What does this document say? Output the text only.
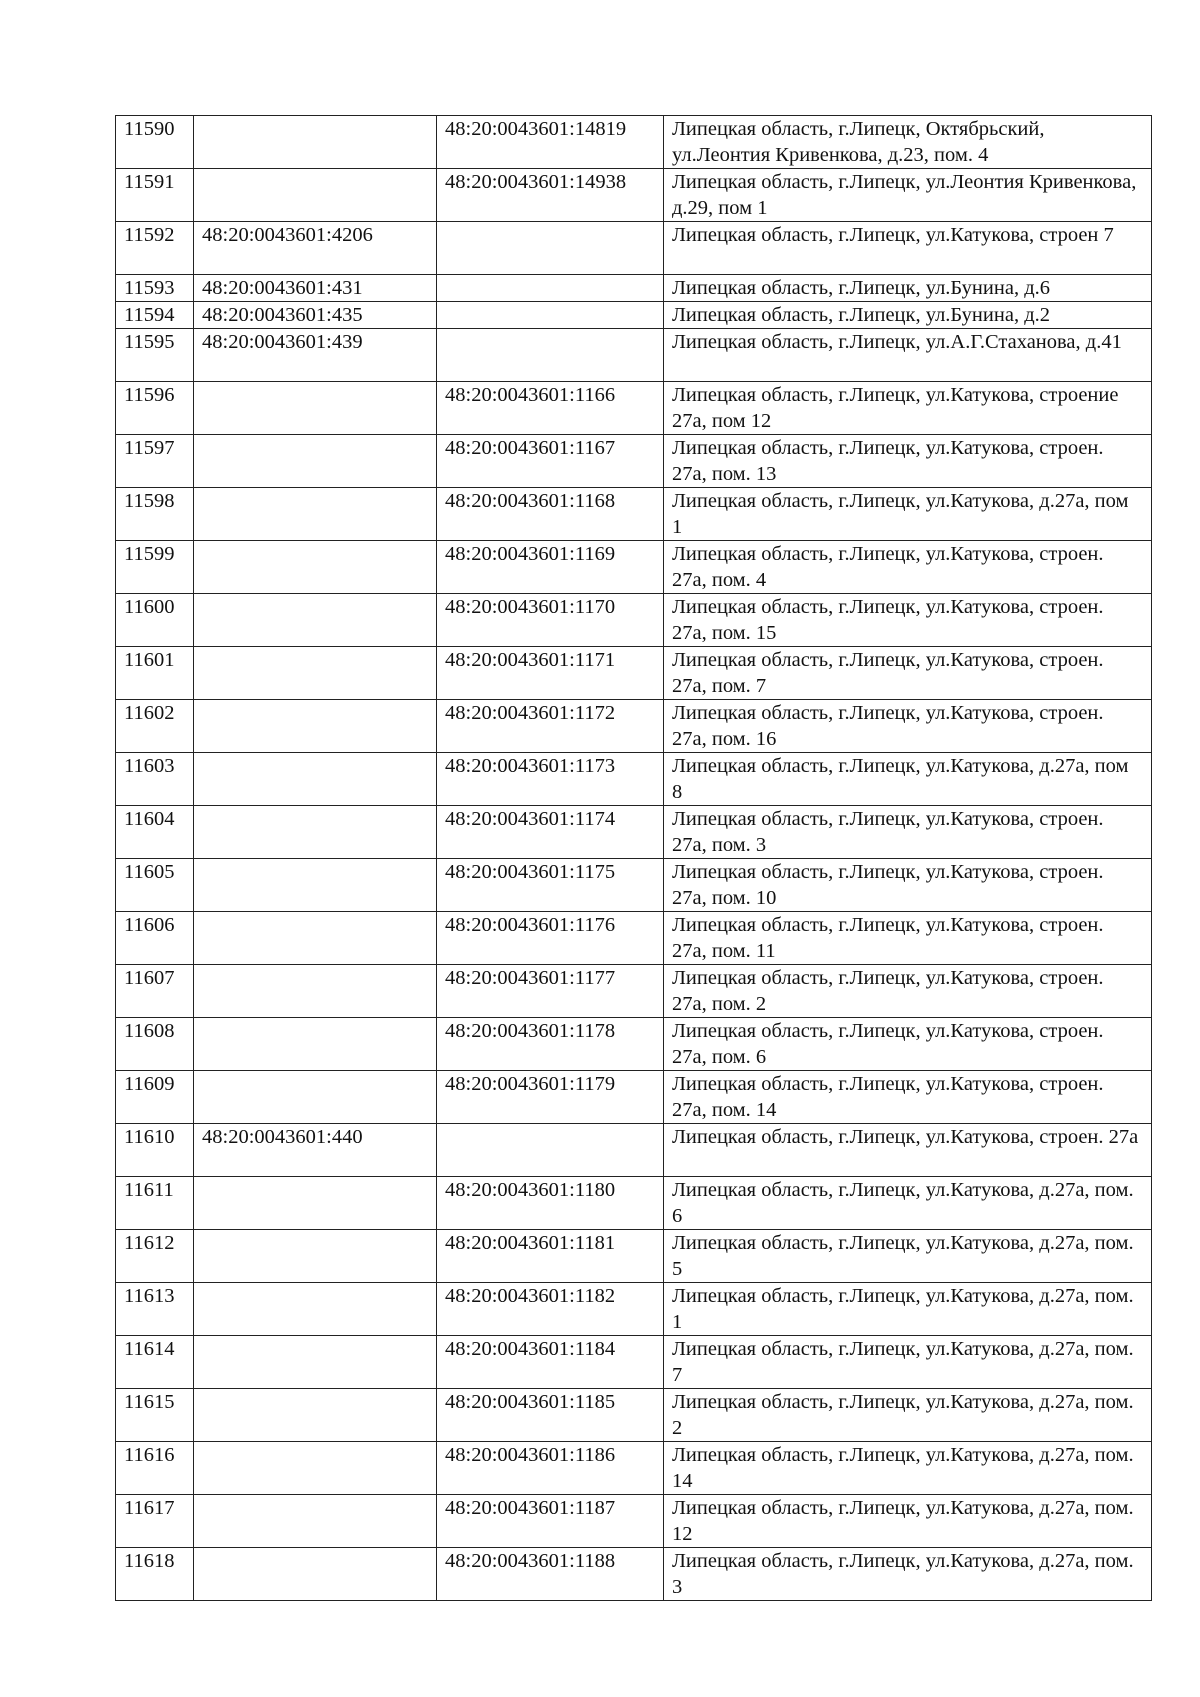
11590		48:20:0043601:14819	Липецкая область, г.Липецк, Октябрьский, ул.Леонтия Кривенкова, д.23, пом. 4
11591		48:20:0043601:14938	Липецкая область, г.Липецк, ул.Леонтия Кривенкова, д.29, пом 1
11592	48:20:0043601:4206		Липецкая область, г.Липецк, ул.Катукова, строен 7
11593	48:20:0043601:431		Липецкая область, г.Липецк, ул.Бунина, д.6
11594	48:20:0043601:435		Липецкая область, г.Липецк, ул.Бунина, д.2
11595	48:20:0043601:439		Липецкая область, г.Липецк, ул.А.Г.Стаханова, д.41
11596		48:20:0043601:1166	Липецкая область, г.Липецк, ул.Катукова, строение 27а, пом 12
11597		48:20:0043601:1167	Липецкая область, г.Липецк, ул.Катукова, строен. 27а, пом. 13
11598		48:20:0043601:1168	Липецкая область, г.Липецк, ул.Катукова, д.27а, пом 1
11599		48:20:0043601:1169	Липецкая область, г.Липецк, ул.Катукова, строен. 27а, пом. 4
11600		48:20:0043601:1170	Липецкая область, г.Липецк, ул.Катукова, строен. 27а, пом. 15
11601		48:20:0043601:1171	Липецкая область, г.Липецк, ул.Катукова, строен. 27а, пом. 7
11602		48:20:0043601:1172	Липецкая область, г.Липецк, ул.Катукова, строен. 27а, пом. 16
11603		48:20:0043601:1173	Липецкая область, г.Липецк, ул.Катукова, д.27а, пом 8
11604		48:20:0043601:1174	Липецкая область, г.Липецк, ул.Катукова, строен. 27а, пом. 3
11605		48:20:0043601:1175	Липецкая область, г.Липецк, ул.Катукова, строен. 27а, пом. 10
11606		48:20:0043601:1176	Липецкая область, г.Липецк, ул.Катукова, строен. 27а, пом. 11
11607		48:20:0043601:1177	Липецкая область, г.Липецк, ул.Катукова, строен. 27а, пом. 2
11608		48:20:0043601:1178	Липецкая область, г.Липецк, ул.Катукова, строен. 27а, пом. 6
11609		48:20:0043601:1179	Липецкая область, г.Липецк, ул.Катукова, строен. 27а, пом. 14
11610	48:20:0043601:440		Липецкая область, г.Липецк, ул.Катукова, строен. 27а
11611		48:20:0043601:1180	Липецкая область, г.Липецк, ул.Катукова, д.27а, пом. 6
11612		48:20:0043601:1181	Липецкая область, г.Липецк, ул.Катукова, д.27а, пом. 5
11613		48:20:0043601:1182	Липецкая область, г.Липецк, ул.Катукова, д.27а, пом. 1
11614		48:20:0043601:1184	Липецкая область, г.Липецк, ул.Катукова, д.27а, пом. 7
11615		48:20:0043601:1185	Липецкая область, г.Липецк, ул.Катукова, д.27а, пом. 2
11616		48:20:0043601:1186	Липецкая область, г.Липецк, ул.Катукова, д.27а, пом. 14
11617		48:20:0043601:1187	Липецкая область, г.Липецк, ул.Катукова, д.27а, пом. 12
11618		48:20:0043601:1188	Липецкая область, г.Липецк, ул.Катукова, д.27а, пом. 3
